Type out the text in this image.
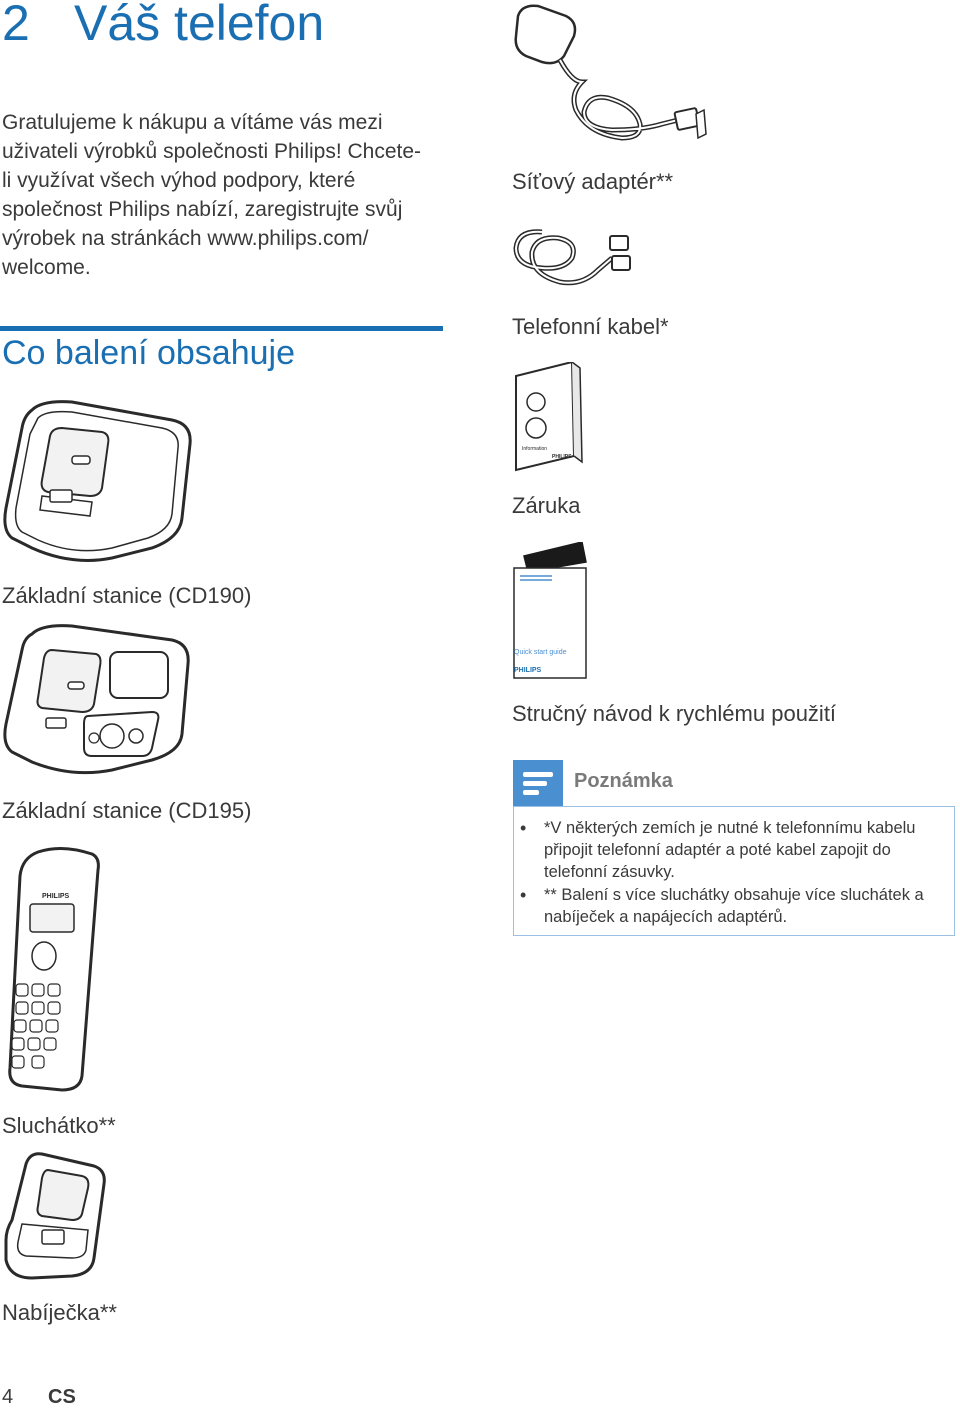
2 Váš telefon
Gratulujeme k nákupu a vítáme vás mezi uživateli výrobků společnosti Philips! Chcete-li využívat všech výhod podpory, které společnost Philips nabízí, zaregistrujte svůj výrobek na stránkách www.philips.com/ welcome.
Co balení obsahuje
Základní stanice (CD190)
Základní stanice (CD195)
PHILIPS
Sluchátko**
Nabíječka**
Síťový adaptér**
Telefonní kabel*
Information
PHILIPS
Záruka
Quick start guide
PHILIPS
Stručný návod k rychlému použití
Poznámka
• *V některých zemích je nutné k telefonnímu kabelu připojit telefonní adaptér a poté kabel zapojit do telefonní zásuvky.
• ** Balení s více sluchátky obsahuje více sluchátek a nabíječek a napájecích adaptérů.
4 CS
